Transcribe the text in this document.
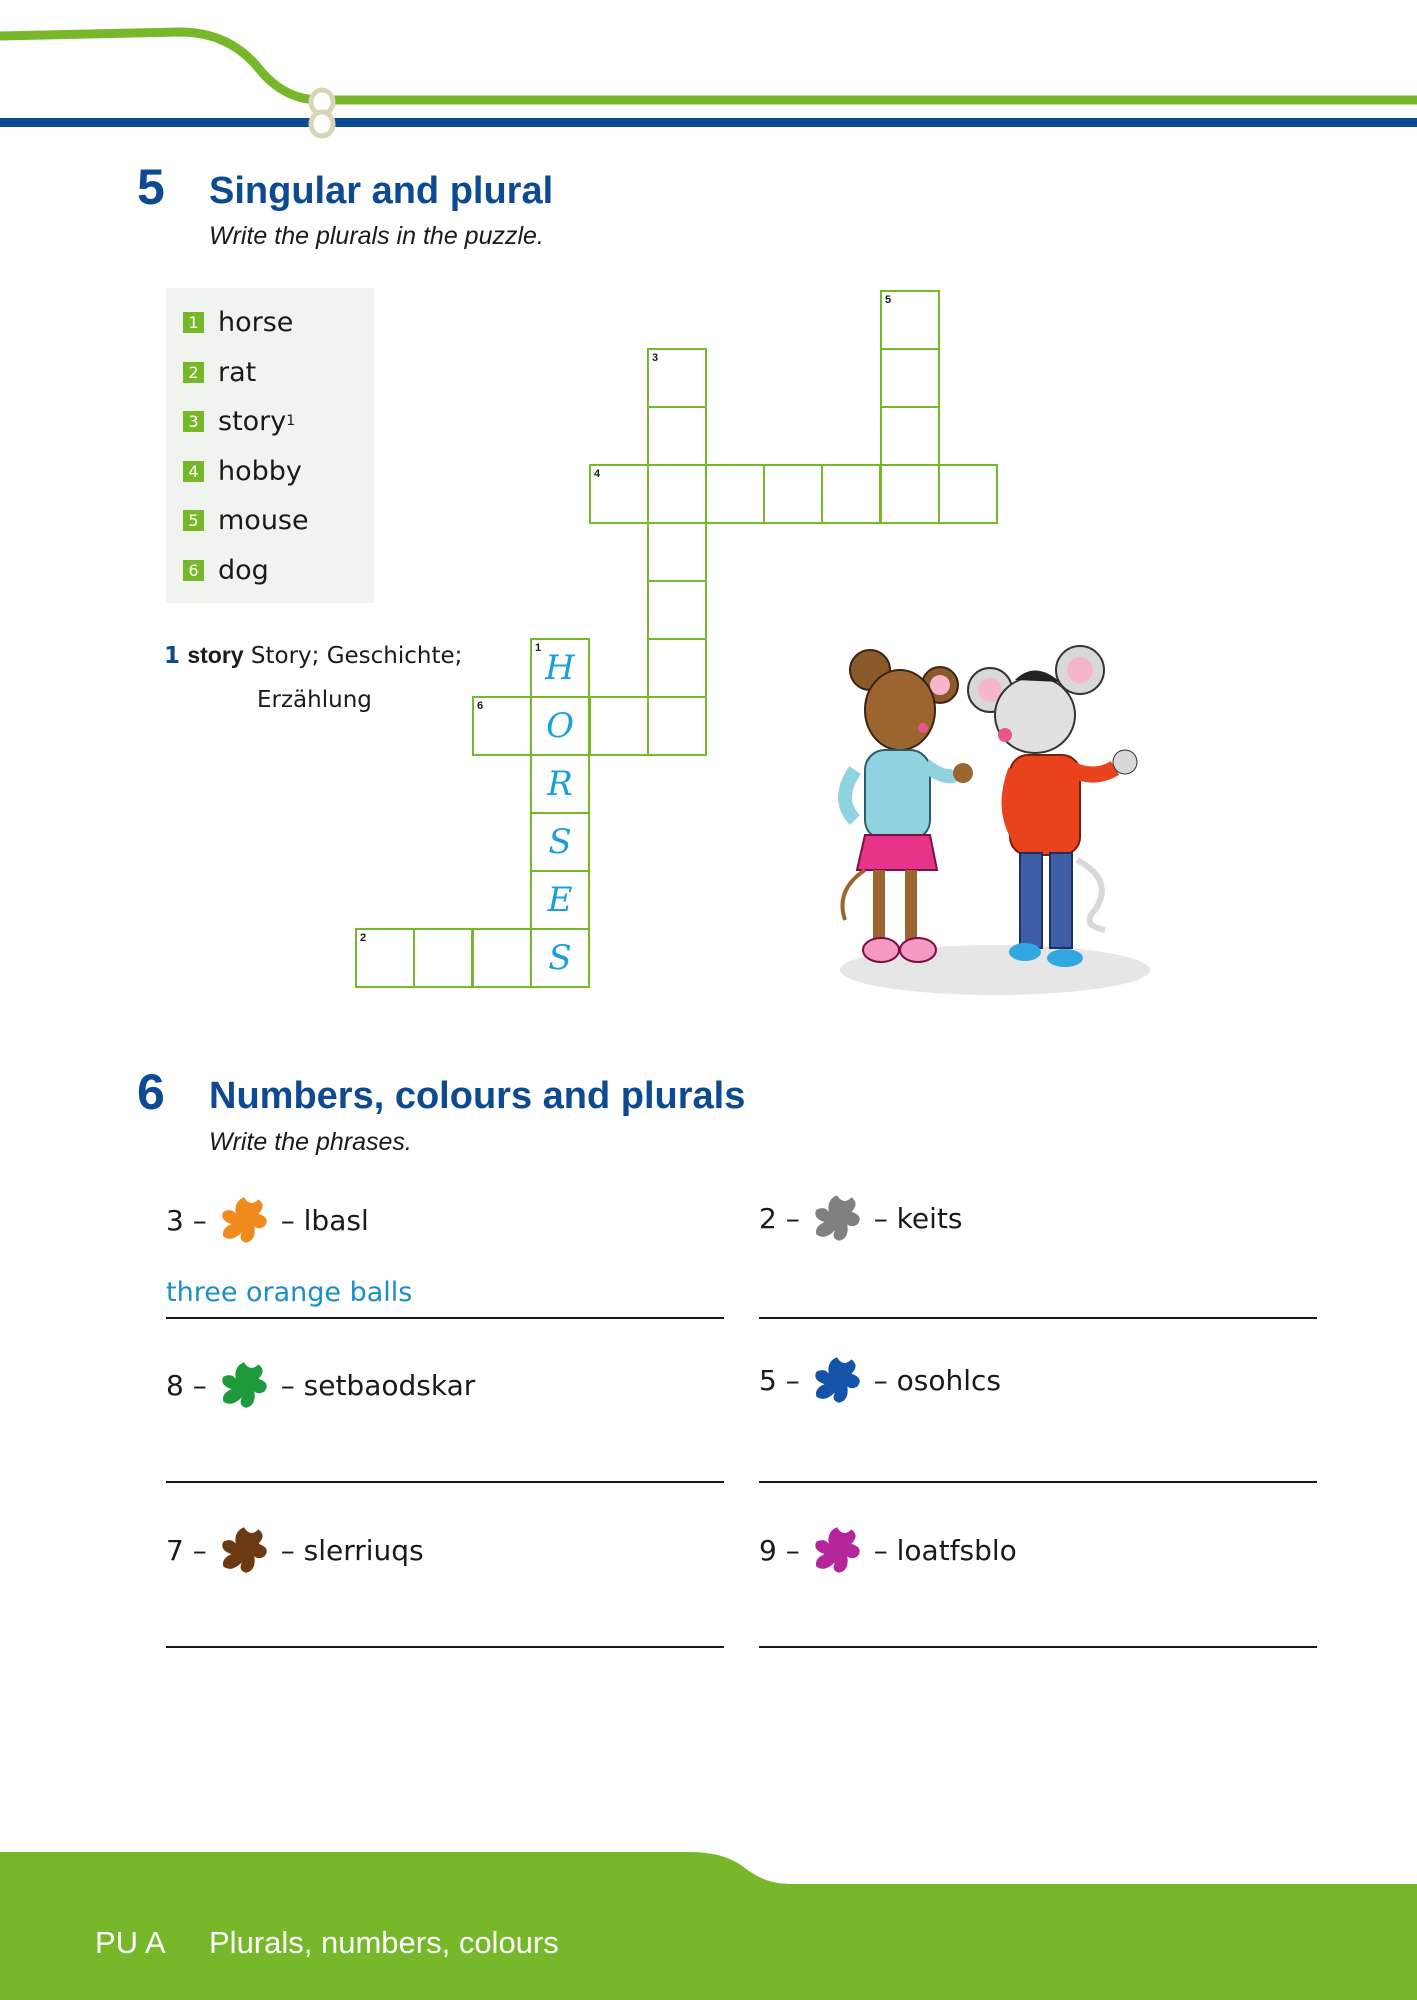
5 Singular and plural
Write the plurals in the puzzle.
1 horse
2 rat
3 story 1
4 hobby
5 mouse
6 dog
1 story Story; Geschichte;
Erzählung
5
3
4
1
6
2
H
O
R
S
E
S
6 Numbers, colours and plurals
Write the phrases.
3
–	–
lbasl
three orange balls
2
–	–
keits
8
–	–
setbaodskar	5
–	–
osohlcs
7
–	–
slerriuqs	9
–	–
loatfsblo
PU A Plurals, numbers, colours
